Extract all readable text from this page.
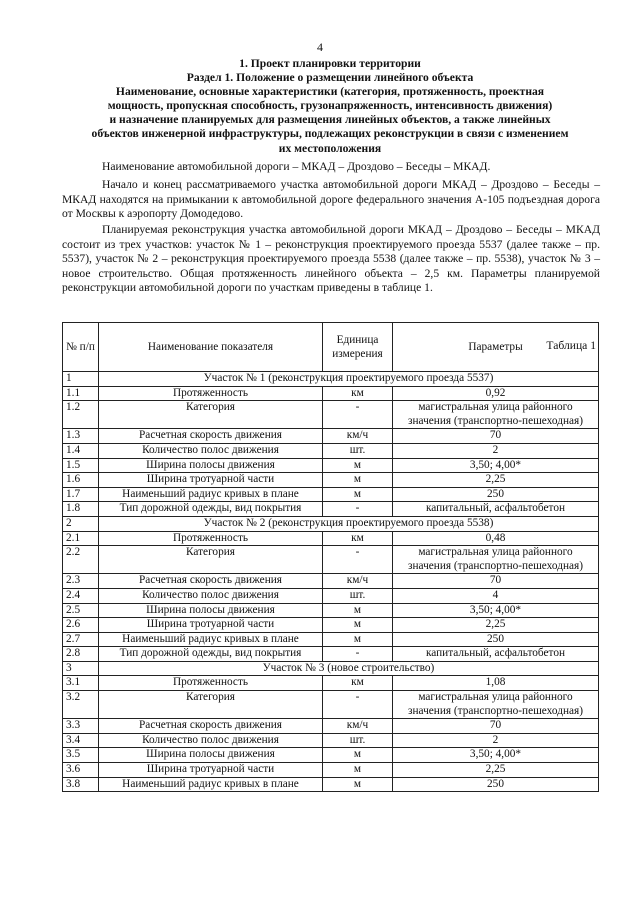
4
1. Проект планировки территории
Раздел 1. Положение о размещении линейного объекта
Наименование, основные характеристики (категория, протяженность, проектная
мощность, пропускная способность, грузонапряженность, интенсивность движения)
и назначение планируемых для размещения линейных объектов, а также линейных
объектов инженерной инфраструктуры, подлежащих реконструкции в связи с изменением
их местоположения

Наименование автомобильной дороги – МКАД – Дроздово – Беседы – МКАД.

Начало и конец рассматриваемого участка автомобильной дороги МКАД – Дроздово – Беседы – МКАД находятся на примыкании к автомобильной дороге федерального значения А-105 подъездная дорога от Москвы к аэропорту Домодедово.

Планируемая реконструкция участка автомобильной дороги МКАД – Дроздово – Беседы – МКАД состоит из трех участков: участок № 1 – реконструкция проектируемого проезда 5537 (далее также – пр. 5537), участок № 2 – реконструкция проектируемого проезда 5538 (далее также – пр. 5538), участок № 3 – новое строительство. Общая протяженность линейного объекта – 2,5 км. Параметры планируемой реконструкции автомобильной дороги по участкам приведены в таблице 1.

Таблица 1
№ п/п	Наименование показателя	Единица измерения	Параметры
1	Участок № 1 (реконструкция проектируемого проезда 5537)		
1.1	Протяженность	км	0,92
1.2	Категория	-	магистральная улица районного значения (транспортно-пешеходная)
1.3	Расчетная скорость движения	км/ч	70
1.4	Количество полос движения	шт.	2
1.5	Ширина полосы движения	м	3,50; 4,00*
1.6	Ширина тротуарной части	м	2,25
1.7	Наименьший радиус кривых в плане	м	250
1.8	Тип дорожной одежды, вид покрытия	-	капитальный, асфальтобетон
2	Участок № 2 (реконструкция проектируемого проезда 5538)		
2.1	Протяженность	км	0,48
2.2	Категория	-	магистральная улица районного значения (транспортно-пешеходная)
2.3	Расчетная скорость движения	км/ч	70
2.4	Количество полос движения	шт.	4
2.5	Ширина полосы движения	м	3,50; 4,00*
2.6	Ширина тротуарной части	м	2,25
2.7	Наименьший радиус кривых в плане	м	250
2.8	Тип дорожной одежды, вид покрытия	-	капитальный, асфальтобетон
3	Участок № 3 (новое строительство)		
3.1	Протяженность	км	1,08
3.2	Категория	-	магистральная улица районного значения (транспортно-пешеходная)
3.3	Расчетная скорость движения	км/ч	70
3.4	Количество полос движения	шт.	2
3.5	Ширина полосы движения	м	3,50; 4,00*
3.6	Ширина тротуарной части	м	2,25
3.8	Наименьший радиус кривых в плане	м	250
